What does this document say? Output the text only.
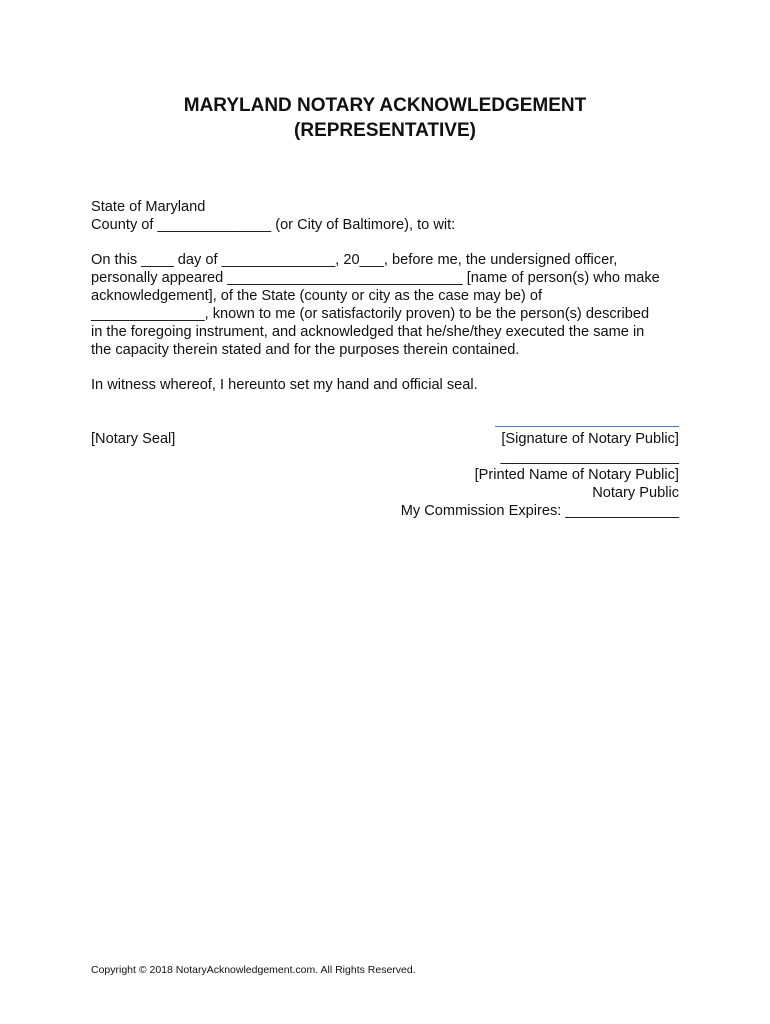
MARYLAND NOTARY ACKNOWLEDGEMENT
(REPRESENTATIVE)
State of Maryland
County of ______________ (or City of Baltimore), to wit:
On this ____ day of ______________, 20___, before me, the undersigned officer,
personally appeared _____________________________ [name of person(s) who make
acknowledgement], of the State (county or city as the case may be) of
______________, known to me (or satisfactorily proven) to be the person(s) described
in the foregoing instrument, and acknowledged that he/she/they executed the same in
the capacity therein stated and for the purposes therein contained.
In witness whereof, I hereunto set my hand and official seal.
[Notary Seal]	[Signature of Notary Public]
______________________
[Printed Name of Notary Public]
Notary Public
My Commission Expires: ______________
Copyright © 2018 NotaryAcknowledgement.com. All Rights Reserved.
